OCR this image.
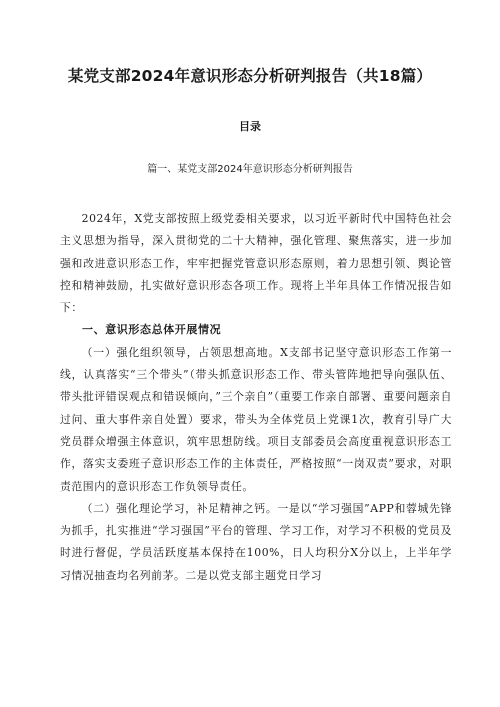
某党支部2024年意识形态分析研判报告（共18篇）
目录
篇一、某党支部2024年意识形态分析研判报告

2024年，X党支部按照上级党委相关要求，以习近平新时代中国特色社会主义思想为指导，深入贯彻党的二十大精神，强化管理、聚焦落实，进一步加强和改进意识形态工作，牢牢把握党管意识形态原则，着力思想引领、舆论管控和精神鼓励，扎实做好意识形态各项工作。现将上半年具体工作情况报告如下：

一、意识形态总体开展情况

（一）强化组织领导，占领思想高地。X支部书记坚守意识形态工作第一线，认真落实“三个带头”（带头抓意识形态工作、带头管阵地把导向强队伍、带头批评错误观点和错误倾向，”三个亲自”（重要工作亲自部署、重要问题亲自过问、重大事件亲自处置）要求，带头为全体党员上党课1次，教育引导广大党员群众增强主体意识，筑牢思想防线。项目支部委员会高度重视意识形态工作，落实支委班子意识形态工作的主体责任，严格按照“一岗双责”要求，对职责范围内的意识形态工作负领导责任。

（二）强化理论学习，补足精神之钙。一是以“学习强国”APP和蓉城先锋为抓手，扎实推进“学习强国”平台的管理、学习工作，对学习不积极的党员及时进行督促，学员活跃度基本保持在100%，日人均积分X分以上，上半年学习情况抽查均名列前茅。二是以党支部主题党日学习
